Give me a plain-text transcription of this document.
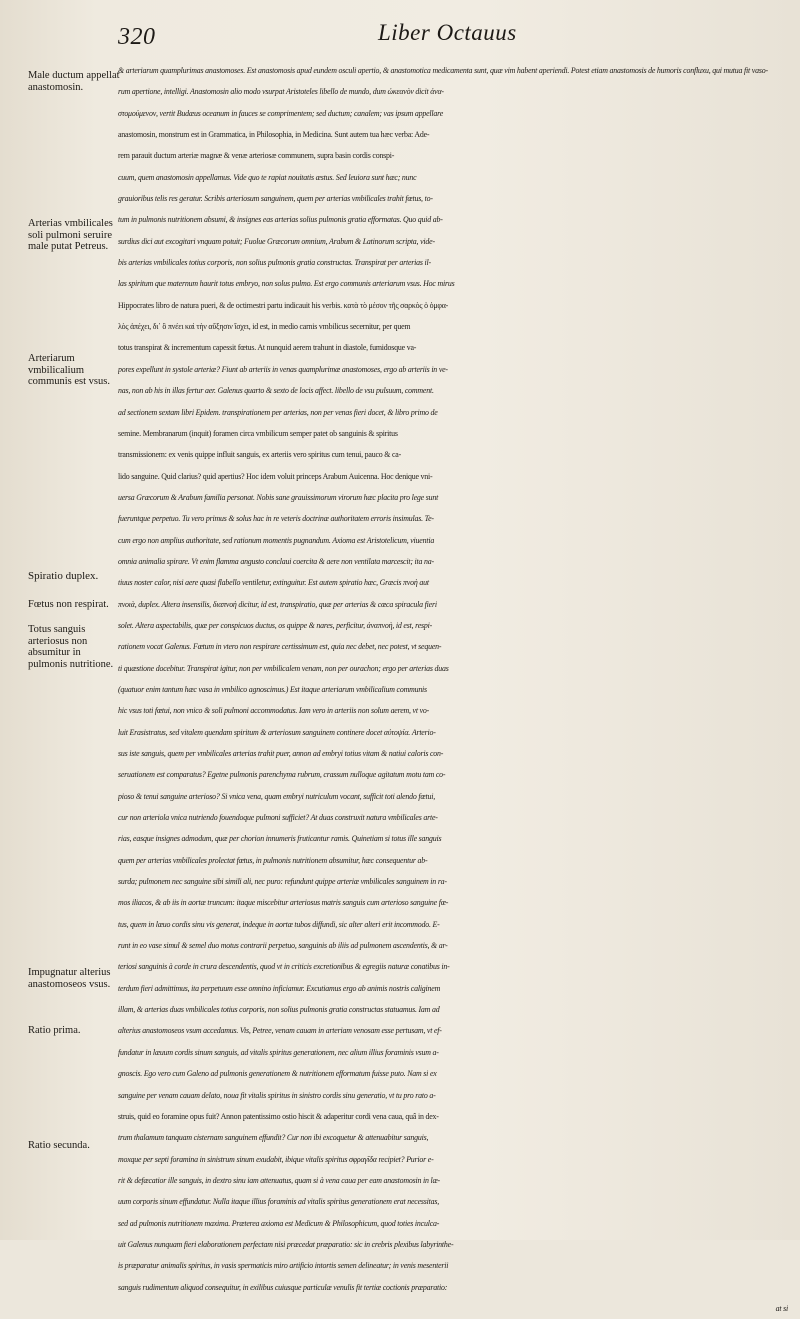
320	Liber Octauus
Male ductum appellat anastomosin.
Arterias vmbilicales soli pulmoni seruire male putat Petreus.
Arteriarum vmbilicalium communis est vsus.
Spiratio duplex.
Fœtus non respirat.
Totus sanguis arteriosus non absumitur in pulmonis nutritione.
Impugnatur alterius anastomoseos vsus.
Ratio prima.
Ratio secunda.
& arteriarum quamplurimas anastomoses. Est anastomosis apud eundem osculi apertio, & anastomotica medicamenta sunt, quæ vim habent aperiendi. Potest etiam anastomosis de humoris confluxu, qui mutua fit vaso-
rum apertione, intelligi. Anastomosin alio modo vsurpat Aristoteles libello de mundo, dum ὠκεανὸν dicit ἀνα-
στομούμενον, vertit Budæus oceanum in fauces se comprimentem; sed ductum; canalem; vas ipsum appellare
anastomosin, monstrum est in Grammatica, in Philosophia, in Medicina. Sunt autem tua hæc verba: Ade-
rem parauit ductum arteriæ magnæ & venæ arteriosæ communem, supra basin cordis conspi-
cuum, quem anastomosin appellamus. Vide quo te rapiat nouitatis æstus. Sed leuiora sunt hæc; nunc
grauioribus telis res geratur. Scribis arteriosum sanguinem, quem per arterias vmbilicales trahit fœtus, to-
tum in pulmonis nutritionem absumi, & insignes eas arterias solius pulmonis gratia efformatas. Quo quid ab-
surdius dici aut excogitari vnquam potuit; Fuolue Græcorum omnium, Arabum & Latinorum scripta, vide-
bis arterias vmbilicales totius corporis, non solius pulmonis gratia constructas. Transpirat per arterias il-
las spiritum que maternum haurit totus embryo, non solus pulmo. Est ergo communis arteriarum vsus. Hoc mirus
Hippocrates libro de natura pueri, & de octimestri partu indicauit his verbis. κατὰ τὸ μέσον τῆς σαρκὸς ὁ ὀμφα-
λὸς ἀπέχει, δι᾽ ὃ πνέει καὶ τὴν αὔξησιν ἴσχει, id est, in medio carnis vmbilicus secernitur, per quem
totus transpirat & incrementum capessit fœtus. At nunquid aerem trahunt in diastole, fumidosque va-
pores expellunt in systole arteriæ? Fiunt ab arteriis in venas quamplurimæ anastomoses, ergo ab arteriis in ve-
nas, non ab his in illas fertur aer. Galenus quarto & sexto de locis affect. libello de vsu pulsuum, comment.
ad sectionem sextam libri Epidem. transpirationem per arterias, non per venas fieri docet, & libro primo de
semine. Membranarum (inquit) foramen circa vmbilicum semper patet ob sanguinis & spiritus
transmissionem: ex venis quippe influit sanguis, ex arteriis vero spiritus cum tenui, pauco & ca-
lido sanguine. Quid clarius? quid apertius? Hoc idem voluit princeps Arabum Auicenna. Hoc denique vni-
uersa Græcorum & Arabum familia personat. Nobis sane grauissimorum virorum hæc placita pro lege sunt
fueruntque perpetuo. Tu vero primus & solus hac in re veteris doctrinæ authoritatem erroris insimulas. Te-
cum ergo non amplius authoritate, sed rationum momentis pugnandum. Axioma est Aristotelicum, viuentia
omnia animalia spirare. Vt enim flamma angusto conclaui coercita & aere non ventilata marcescit; ita na-
tiuus noster calor, nisi aere quasi flabello ventiletur, extinguitur. Est autem spiratio hæc, Græcis πνοὴ aut
πνοιὰ, duplex. Altera insensilis, διαπνοὴ dicitur, id est, transpiratio, quæ per arterias & cœca spiracula fieri
solet. Altera aspectabilis, quæ per conspicuos ductus, os quippe & nares, perficitur, ἀναπνοὴ, id est, respi-
rationem vocat Galenus. Fœtum in vtero non respirare certissimum est, quia nec debet, nec potest, vt sequen-
ti quæstione docebitur. Transpirat igitur, non per vmbilicalem venam, non per ourachon; ergo per arterias duas
(quatuor enim tantum hæc vasa in vmbilico agnoscimus.) Est itaque arteriarum vmbilicalium communis
hic vsus toti fœtui, non vnico & soli pulmoni accommodatus. Iam vero in arteriis non solum aerem, vt vo-
luit Erasistratus, sed vitalem quendam spiritum & arteriosum sanguinem continere docet αὐτοψία. Arterio-
sus iste sanguis, quem per vmbilicales arterias trahit puer, annon ad embryi totius vitam & natiui caloris con-
seruationem est comparatus? Egetne pulmonis parenchyma rubrum, crassum nulloque agitatum motu tam co-
pioso & tenui sanguine arterioso? Si vnica vena, quam embryi nutriculum vocant, sufficit toti alendo fœtui,
cur non arteriola vnica nutriendo fouendoque pulmoni sufficiet? At duas construxit natura vmbilicales arte-
rias, easque insignes admodum, quæ per chorion innumeris fruticantur ramis. Quinetiam si totus ille sanguis
quem per arterias vmbilicales prolectat fœtus, in pulmonis nutritionem absumitur, hæc consequentur ab-
surda; pulmonem nec sanguine sibi simili ali, nec puro: refundunt quippe arteriæ vmbilicales sanguinem in ra-
mos iliacos, & ab iis in aortæ truncum: itaque miscebitur arteriosus matris sanguis cum arterioso sanguine fœ-
tus, quem in læuo cordis sinu vis generat, indeque in aortæ tubos diffundi, sic alter alteri erit incommodo. E-
runt in eo vase simul & semel duo motus contrarii perpetuo, sanguinis ab iliis ad pulmonem ascendentis, & ar-
teriosi sanguinis à corde in crura descendentis, quod vt in criticis excretionibus & egregiis naturæ conatibus in-
terdum fieri admittimus, ita perpetuum esse omnino inficiamur. Excutiamus ergo ab animis nostris caliginem
illam, & arterias duas vmbilicales totius corporis, non solius pulmonis gratia constructas statuamus. Iam ad
alterius anastomoseos vsum accedamus. Vis, Petree, venam cauam in arteriam venosam esse pertusam, vt ef-
fundatur in læuum cordis sinum sanguis, ad vitalis spiritus generationem, nec alium illius foraminis vsum a-
gnoscis. Ego vero cum Galeno ad pulmonis generationem & nutritionem efformatum fuisse puto. Nam si ex
sanguine per venam cauam delato, noua fit vitalis spiritus in sinistro cordis sinu generatio, vt tu pro rato a-
struis, quid eo foramine opus fuit? Annon patentissimo ostio hiscit & adaperitur cordi vena caua, quâ in dex-
trum thalamum tanquam cisternam sanguinem effundit? Cur non ibi excoquetur & attenuabitur sanguis,
moxque per septi foramina in sinistrum sinum exudabit, ibique vitalis spiritus σφραγῖδα recipiet? Purior e-
rit & defæcatior ille sanguis, in dextro sinu iam attenuatus, quam si à vena caua per eam anastomosin in læ-
uum corporis sinum effundatur. Nulla itaque illius foraminis ad vitalis spiritus generationem erat necessitas,
sed ad pulmonis nutritionem maxima. Præterea axioma est Medicum & Philosophicum, quod toties inculca-
uit Galenus nunquam fieri elaborationem perfectam nisi præcedat præparatio: sic in crebris plexibus labyrinthe-
is præparatur animalis spiritus, in vasis spermaticis miro artificio intortis semen delineatur; in venis mesenterii
sanguis rudimentum aliquod consequitur, in exilibus cuiusque particulæ venulis fit tertiæ coctionis præparatio:
at si
